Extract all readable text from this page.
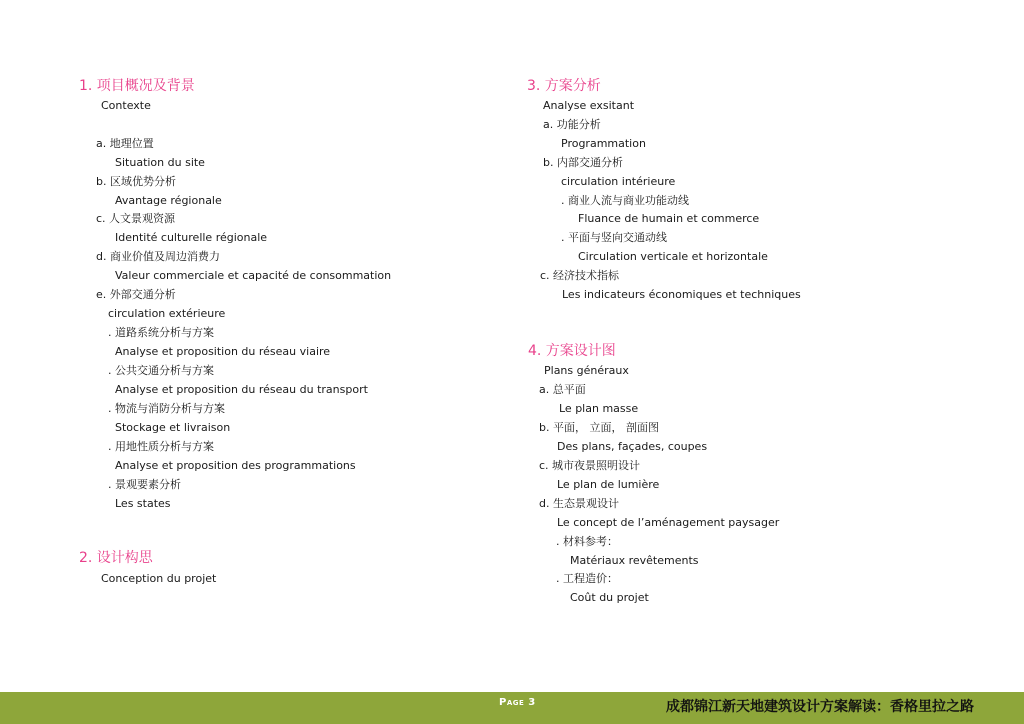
1. 项目概况及背景
Contexte
a. 地理位置
Situation du site
b. 区域优势分析
Avantage régionale
c. 人文景观资源
Identité culturelle régionale
d. 商业价值及周边消费力
Valeur commerciale et capacité de consommation
e. 外部交通分析
circulation extérieure
. 道路系统分析与方案
Analyse et proposition du réseau viaire
. 公共交通分析与方案
Analyse et proposition du réseau du transport
. 物流与消防分析与方案
Stockage et livraison
. 用地性质分析与方案
Analyse et proposition des programmations
. 景观要素分析
Les states
2. 设计构思
Conception du projet
3. 方案分析
Analyse exsitant
a. 功能分析
Programmation
b. 内部交通分析
circulation intérieure
. 商业人流与商业功能动线
Fluance de humain et commerce
. 平面与竖向交通动线
Circulation verticale et horizontale
c. 经济技术指标
Les indicateurs économiques et techniques
4. 方案设计图
Plans généraux
a. 总平面
Le plan masse
b. 平面， 立面， 剖面图
Des plans, façades, coupes
c. 城市夜景照明设计
Le plan de lumière
d. 生态景观设计
Le concept de l’aménagement paysager
. 材料参考：
Matériaux revêtements
. 工程造价：
Coût du projet
Page 3	成都锦江新天地建筑设计方案解读：香格里拉之路
